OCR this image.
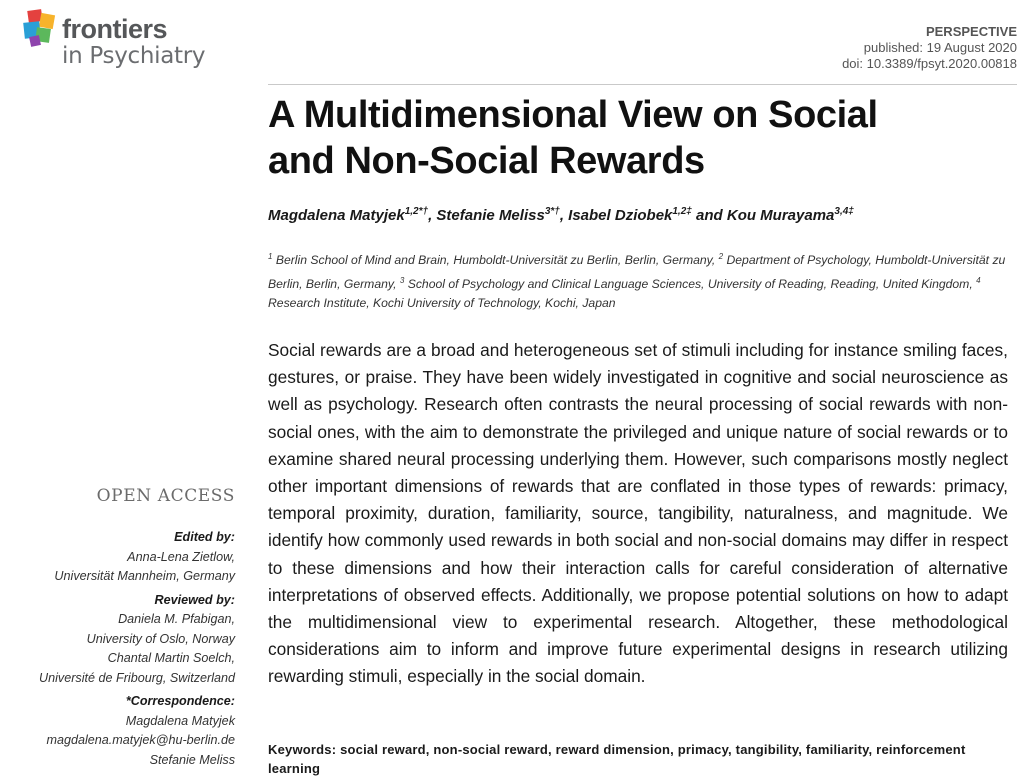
frontiers
in Psychiatry
PERSPECTIVE
published: 19 August 2020
doi: 10.3389/fpsyt.2020.00818
A Multidimensional View on Social
and Non-Social Rewards
Magdalena Matyjek$^{1,2*\dagger}$, Stefanie Meliss$^{3*\dagger}$, Isabel Dziobek$^{1,2\ddagger}$ and Kou Murayama$^{3,4\ddagger}$
$^1$ Berlin School of Mind and Brain, Humboldt-Universität zu Berlin, Berlin, Germany, $^2$ Department of Psychology, Humboldt-Universität zu Berlin, Berlin, Germany, $^3$ School of Psychology and Clinical Language Sciences, University of Reading, Reading, United Kingdom, $^4$ Research Institute, Kochi University of Technology, Kochi, Japan

Social rewards are a broad and heterogeneous set of stimuli including for instance smiling faces, gestures, or praise. They have been widely investigated in cognitive and social neuroscience as well as psychology. Research often contrasts the neural processing of social rewards with non-social ones, with the aim to demonstrate the privileged and unique nature of social rewards or to examine shared neural processing underlying them. However, such comparisons mostly neglect other important dimensions of rewards that are conflated in those types of rewards: primacy, temporal proximity, duration, familiarity, source, tangibility, naturalness, and magnitude. We identify how commonly used rewards in both social and non-social domains may differ in respect to these dimensions and how their interaction calls for careful consideration of alternative interpretations of observed effects. Additionally, we propose potential solutions on how to adapt the multidimensional view to experimental research. Altogether, these methodological considerations aim to inform and improve future experimental designs in research utilizing rewarding stimuli, especially in the social domain.

Keywords: social reward, non-social reward, reward dimension, primacy, tangibility, familiarity, reinforcement learning

OPEN ACCESS
Edited by:
Anna-Lena Zietlow,
Universität Mannheim, Germany
Reviewed by:
Daniela M. Pfabigan,
University of Oslo, Norway
Chantal Martin Soelch,
Université de Fribourg, Switzerland
*Correspondence:
Magdalena Matyjek
magdalena.matyjek@hu-berlin.de
Stefanie Meliss
